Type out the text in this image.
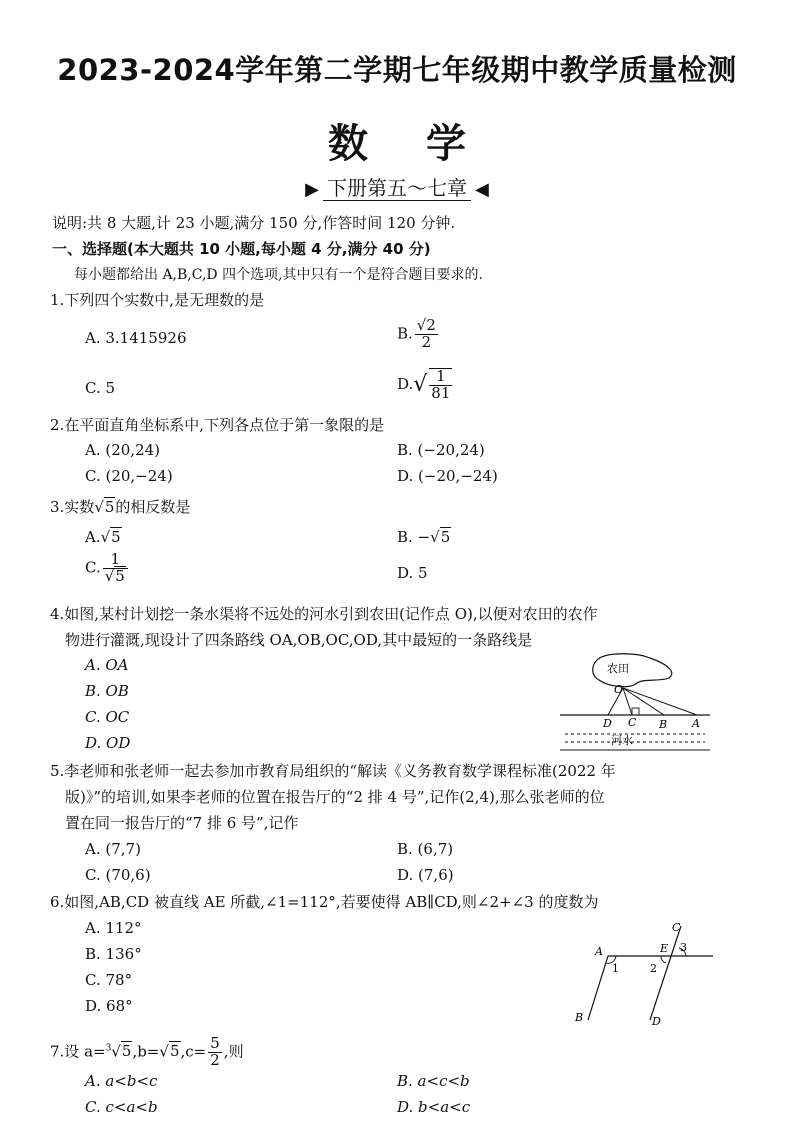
2023-2024学年第二学期七年级期中教学质量检测
数学
▶ 下册第五～七章 ◀
说明:共 8 大题,计 23 小题,满分 150 分,作答时间 120 分钟.
一、选择题(本大题共 10 小题,每小题 4 分,满分 40 分)
每小题都给出 A,B,C,D 四个选项,其中只有一个是符合题目要求的.
1.下列四个实数中,是无理数的是
A. 3.1415926	B. $\frac{√2}{2}$
C. 5	$D.√ \frac{1}{81}$
2.在平面直角坐标系中,下列各点位于第一象限的是
A. (20,24)	B. (−20,24)
C. (20,−24)	D. (−20,−24)
3.实数√5的相反数是
A.√5	B. −√5
C. $\frac{1}{√5}$	D. 5
4.如图,某村计划挖一条水渠将不远处的河水引到农田(记作点 O),以便对农田的农作
物进行灌溉,现设计了四条路线 OA,OB,OC,OD,其中最短的一条路线是
A. OA
B. OB
C. OC
D. OD
农田
O
D C B A
河水
5.李老师和张老师一起去参加市教育局组织的“解读《义务教育数学课程标准(2022 年
版)》”的培训,如果李老师的位置在报告厅的“2 排 4 号”,记作(2,4),那么张老师的位
置在同一报告厅的“7 排 6 号”,记作
A. (7,7)	B. (6,7)
C. (70,6)	D. (7,6)
6.如图,AB,CD 被直线 AE 所截,∠1=112°,若要使得 AB∥CD,则∠2+∠3 的度数为
A. 112°
B. 136°
C. 78°
D. 68°
A	E
C
3
2
1
B	D
7.设 $a=^3√5,b=√5,c= \frac{5}{2}$ ,则
A. a<b<c	B. a<c<b
C. c<a<b	D. b<a<c
